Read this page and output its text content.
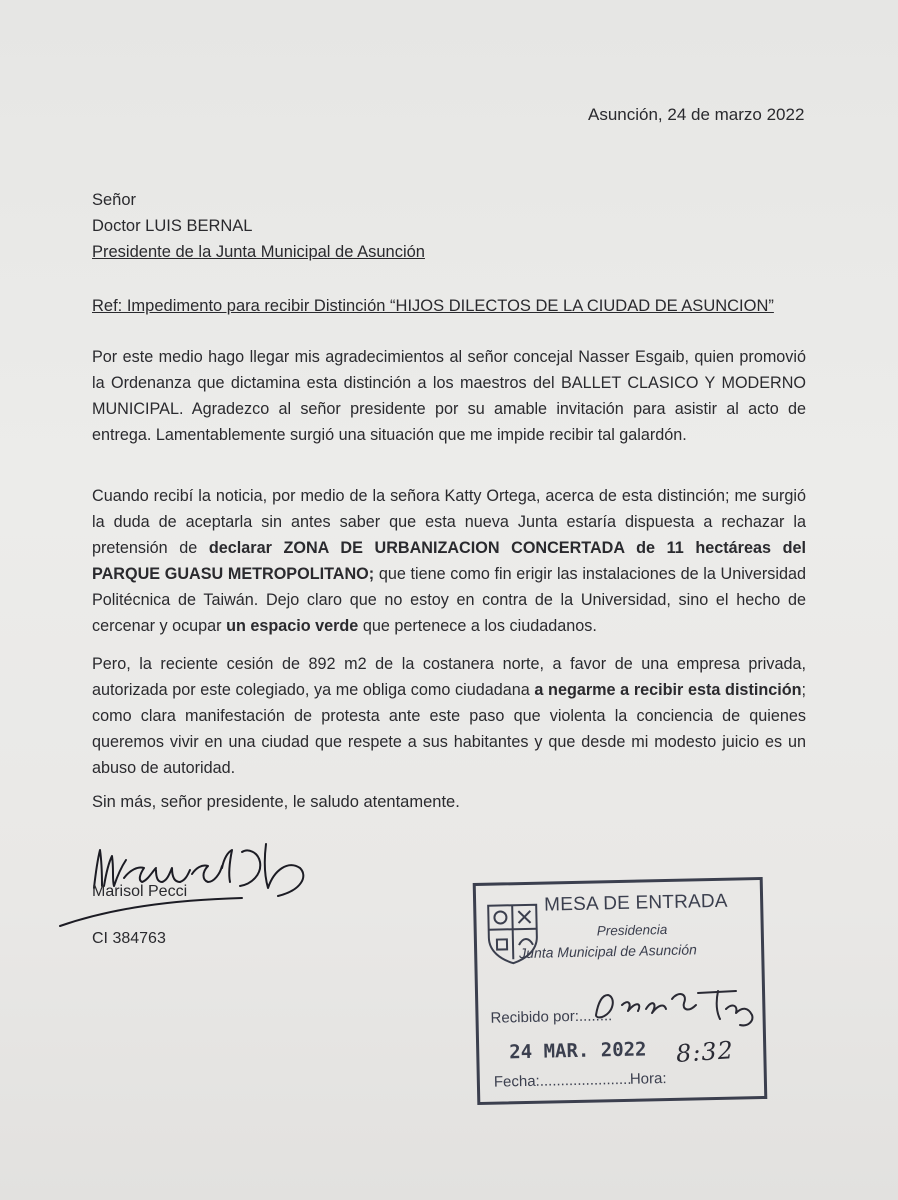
Asunción, 24 de marzo 2022
Señor
Doctor LUIS BERNAL
Presidente de la Junta Municipal de Asunción
Ref: Impedimento para recibir Distinción “HIJOS DILECTOS DE LA CIUDAD DE ASUNCION”

Por este medio hago llegar mis agradecimientos al señor concejal Nasser Esgaib, quien promovió la Ordenanza que dictamina esta distinción a los maestros del BALLET CLASICO Y MODERNO MUNICIPAL. Agradezco al señor presidente por su amable invitación para asistir al acto de entrega. Lamentablemente surgió una situación que me impide recibir tal galardón.

Cuando recibí la noticia, por medio de la señora Katty Ortega, acerca de esta distinción; me surgió la duda de aceptarla sin antes saber que esta nueva Junta estaría dispuesta a rechazar la pretensión de declarar ZONA DE URBANIZACION CONCERTADA de 11 hectáreas del PARQUE GUASU METROPOLITANO; que tiene como fin erigir las instalaciones de la Universidad Politécnica de Taiwán. Dejo claro que no estoy en contra de la Universidad, sino el hecho de cercenar y ocupar un espacio verde que pertenece a los ciudadanos.

Pero, la reciente cesión de 892 m2 de la costanera norte, a favor de una empresa privada, autorizada por este colegiado, ya me obliga como ciudadana a negarme a recibir esta distinción; como clara manifestación de protesta ante este paso que violenta la conciencia de quienes queremos vivir en una ciudad que respete a sus habitantes y que desde mi modesto juicio es un abuso de autoridad.

Sin más, señor presidente, le saludo atentamente.
Marisol Pecci
CI 384763
MESA DE ENTRADA
Presidencia
Junta Municipal de Asunción
Recibido por:........
24 MAR. 2022
Fecha:......................
Hora:
8:32
